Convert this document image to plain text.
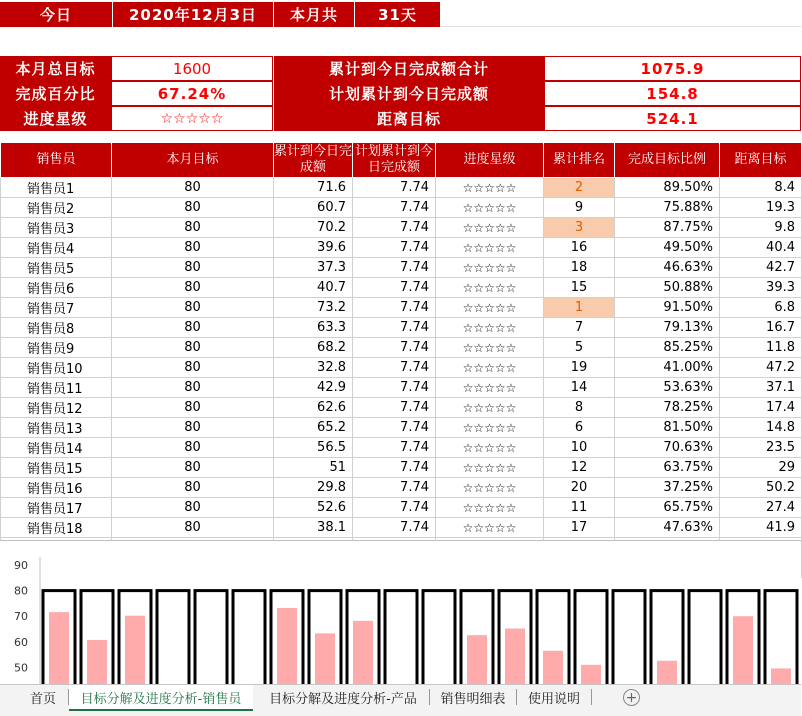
今日	2020年12月3日	本月共	31天
本月总目标	1600	累计到今日完成额合计	1075.9
完成百分比	67.24%	计划累计到今日完成额	154.8
进度星级	☆☆☆☆☆	距离目标	524.1
销售员	本月目标	累计到今日完成额	计划累计到今日完成额	进度星级	累计排名	完成目标比例	距离目标
销售员1	80	71.6	7.74	☆☆☆☆☆	2	89.50%	8.4
销售员2	80	60.7	7.74	☆☆☆☆☆	9	75.88%	19.3
销售员3	80	70.2	7.74	☆☆☆☆☆	3	87.75%	9.8
销售员4	80	39.6	7.74	☆☆☆☆☆	16	49.50%	40.4
销售员5	80	37.3	7.74	☆☆☆☆☆	18	46.63%	42.7
销售员6	80	40.7	7.74	☆☆☆☆☆	15	50.88%	39.3
销售员7	80	73.2	7.74	☆☆☆☆☆	1	91.50%	6.8
销售员8	80	63.3	7.74	☆☆☆☆☆	7	79.13%	16.7
销售员9	80	68.2	7.74	☆☆☆☆☆	5	85.25%	11.8
销售员10	80	32.8	7.74	☆☆☆☆☆	19	41.00%	47.2
销售员11	80	42.9	7.74	☆☆☆☆☆	14	53.63%	37.1
销售员12	80	62.6	7.74	☆☆☆☆☆	8	78.25%	17.4
销售员13	80	65.2	7.74	☆☆☆☆☆	6	81.50%	14.8
销售员14	80	56.5	7.74	☆☆☆☆☆	10	70.63%	23.5
销售员15	80	51	7.74	☆☆☆☆☆	12	63.75%	29
销售员16	80	29.8	7.74	☆☆☆☆☆	20	37.25%	50.2
销售员17	80	52.6	7.74	☆☆☆☆☆	11	65.75%	27.4
销售员18	80	38.1	7.74	☆☆☆☆☆	17	47.63%	41.9

50
60
70
80
90
首页	目标分解及进度分析-销售员	目标分解及进度分析-产品	销售明细表	使用说明	+
